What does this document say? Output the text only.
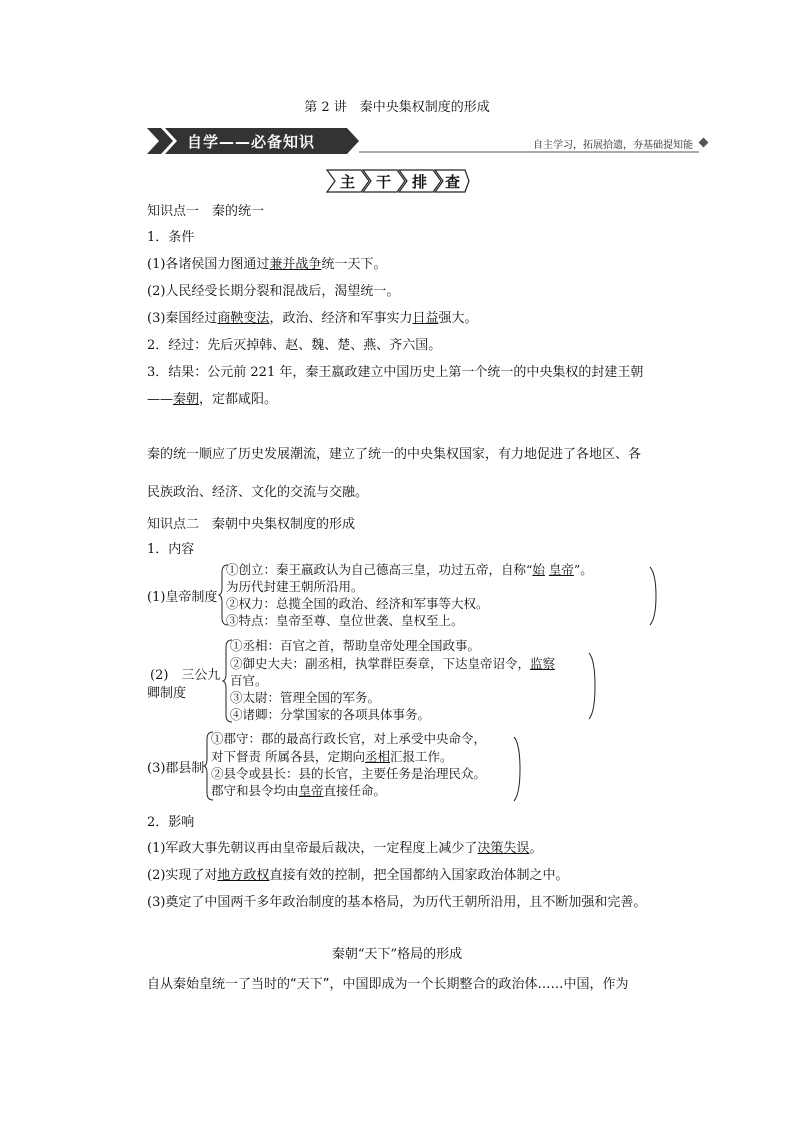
第 2 讲　秦中央集权制度的形成
自学——必备知识	自主学习，拓展拾遗，夯基础提知能
主 干 排 查
知识点一　秦的统一
1．条件
(1)各诸侯国力图通过兼并战争统一天下。
(2)人民经受长期分裂和混战后，渴望统一。
(3)秦国经过商鞅变法，政治、经济和军事实力日益强大。
2．经过：先后灭掉韩、赵、魏、楚、燕、齐六国。
3．结果：公元前 221 年，秦王嬴政建立中国历史上第一个统一的中央集权的封建王朝
——秦朝，定都咸阳。
秦的统一顺应了历史发展潮流，建立了统一的中央集权国家，有力地促进了各地区、各
民族政治、经济、文化的交流与交融。
知识点二　秦朝中央集权制度的形成
1．内容
(1)皇帝制度
①创立：秦王嬴政认为自己德高三皇，功过五帝，自称“始 皇帝”。
为历代封建王朝所沿用。
②权力：总揽全国的政治、经济和军事等大权。
③特点：皇帝至尊、皇位世袭、皇权至上。
(2)　三公九
卿制度
①丞相：百官之首，帮助皇帝处理全国政事。
②御史大夫：副丞相，执掌群臣奏章，下达皇帝诏令，监察
百官。
③太尉：管理全国的军务。
④诸卿：分掌国家的各项具体事务。
(3)郡县制
①郡守：郡的最高行政长官，对上承受中央命令，
对下督责 所属各县，定期向丞相汇报工作。
②县令或县长：县的长官，主要任务是治理民众。
郡守和县令均由皇帝直接任命。
2．影响
(1)军政大事先朝议再由皇帝最后裁决，一定程度上减少了决策失误。
(2)实现了对地方政权直接有效的控制，把全国都纳入国家政治体制之中。
(3)奠定了中国两千多年政治制度的基本格局，为历代王朝所沿用，且不断加强和完善。
秦朝“天下”格局的形成
自从秦始皇统一了当时的“天下”，中国即成为一个长期整合的政治体……中国，作为
